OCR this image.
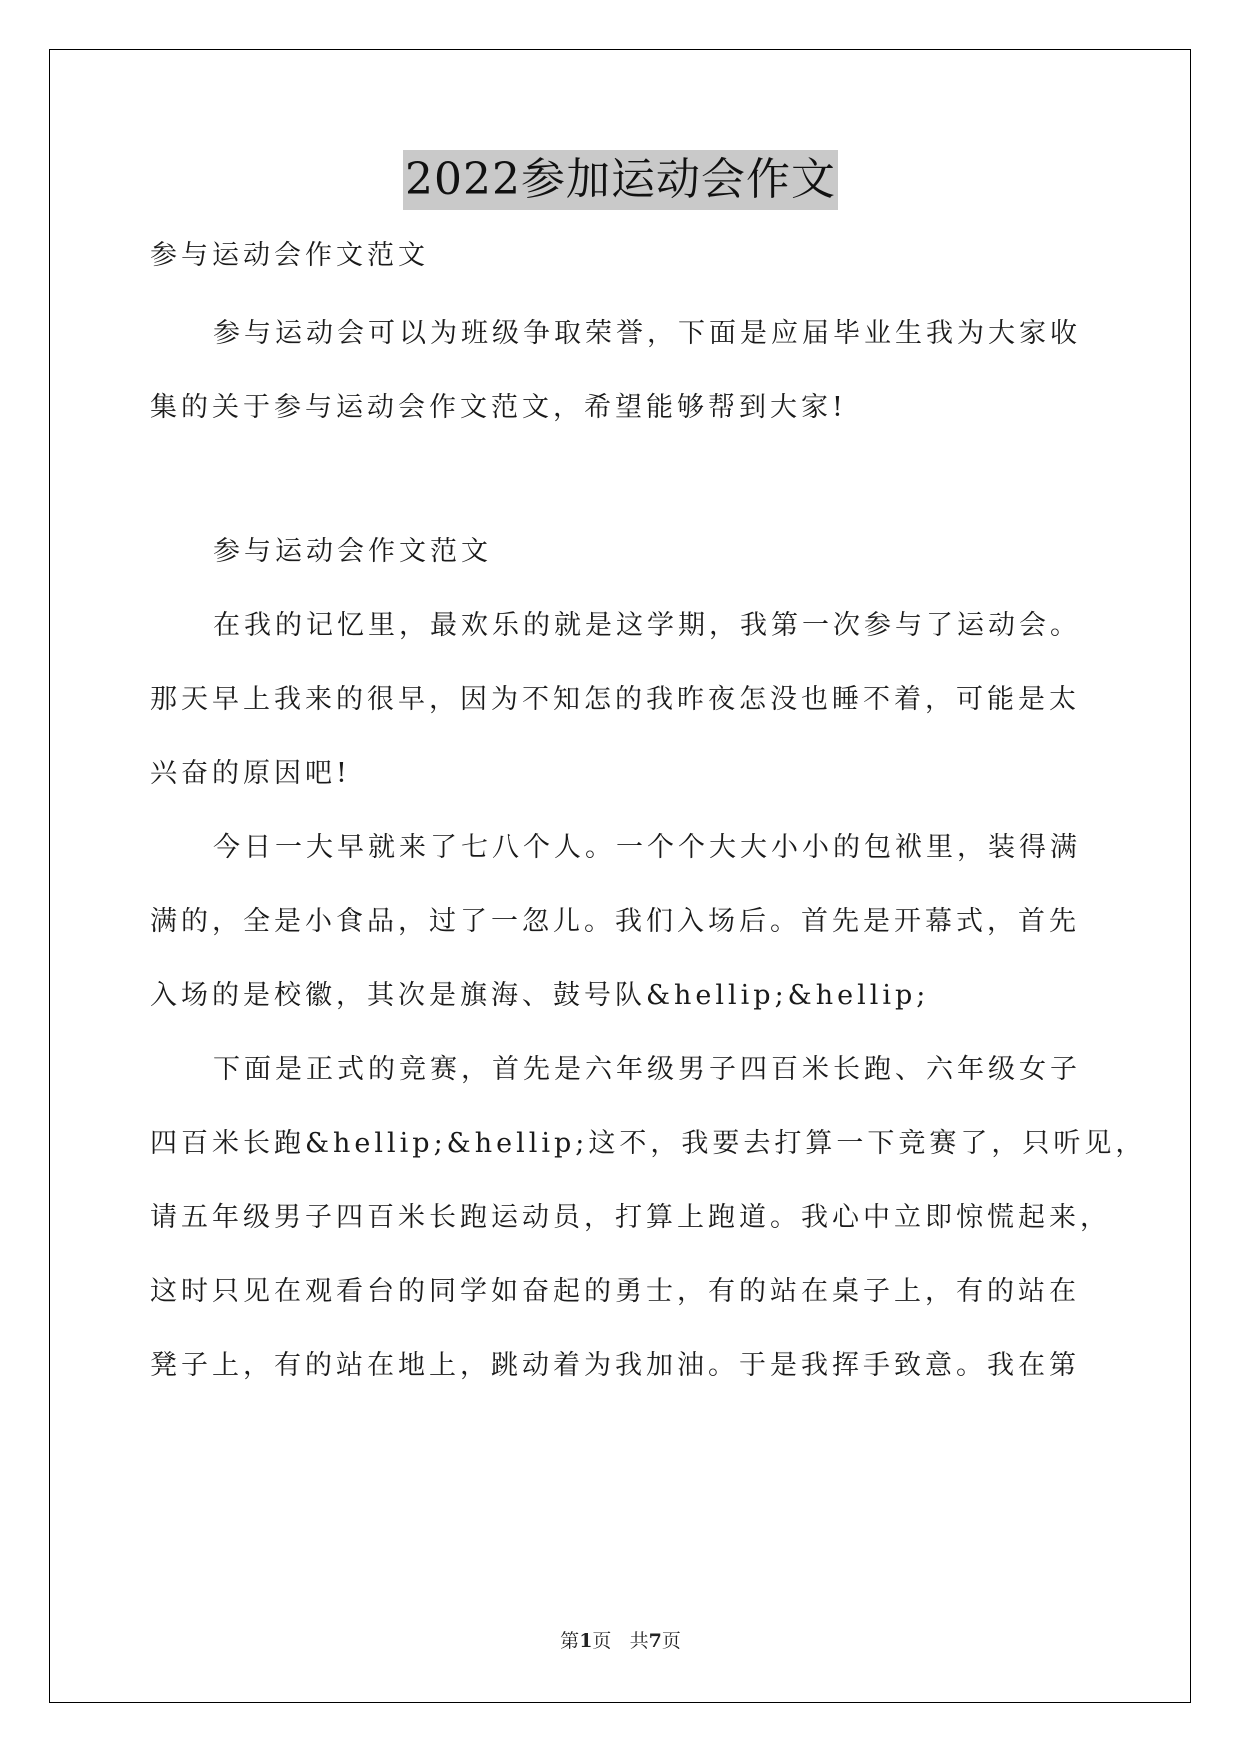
2022参加运动会作文
参与运动会作文范文
参与运动会可以为班级争取荣誉，下面是应届毕业生我为大家收
集的关于参与运动会作文范文，希望能够帮到大家!
参与运动会作文范文
在我的记忆里，最欢乐的就是这学期，我第一次参与了运动会。
那天早上我来的很早，因为不知怎的我昨夜怎没也睡不着，可能是太
兴奋的原因吧!
今日一大早就来了七八个人。一个个大大小小的包袱里，装得满
满的，全是小食品，过了一忽儿。我们入场后。首先是开幕式，首先
入场的是校徽，其次是旗海、鼓号队&hellip;&hellip;
下面是正式的竞赛，首先是六年级男子四百米长跑、六年级女子
四百米长跑&hellip;&hellip;这不，我要去打算一下竞赛了，只听见，
请五年级男子四百米长跑运动员，打算上跑道。我心中立即惊慌起来，
这时只见在观看台的同学如奋起的勇士，有的站在桌子上，有的站在
凳子上，有的站在地上，跳动着为我加油。于是我挥手致意。我在第
第1页 共7页
